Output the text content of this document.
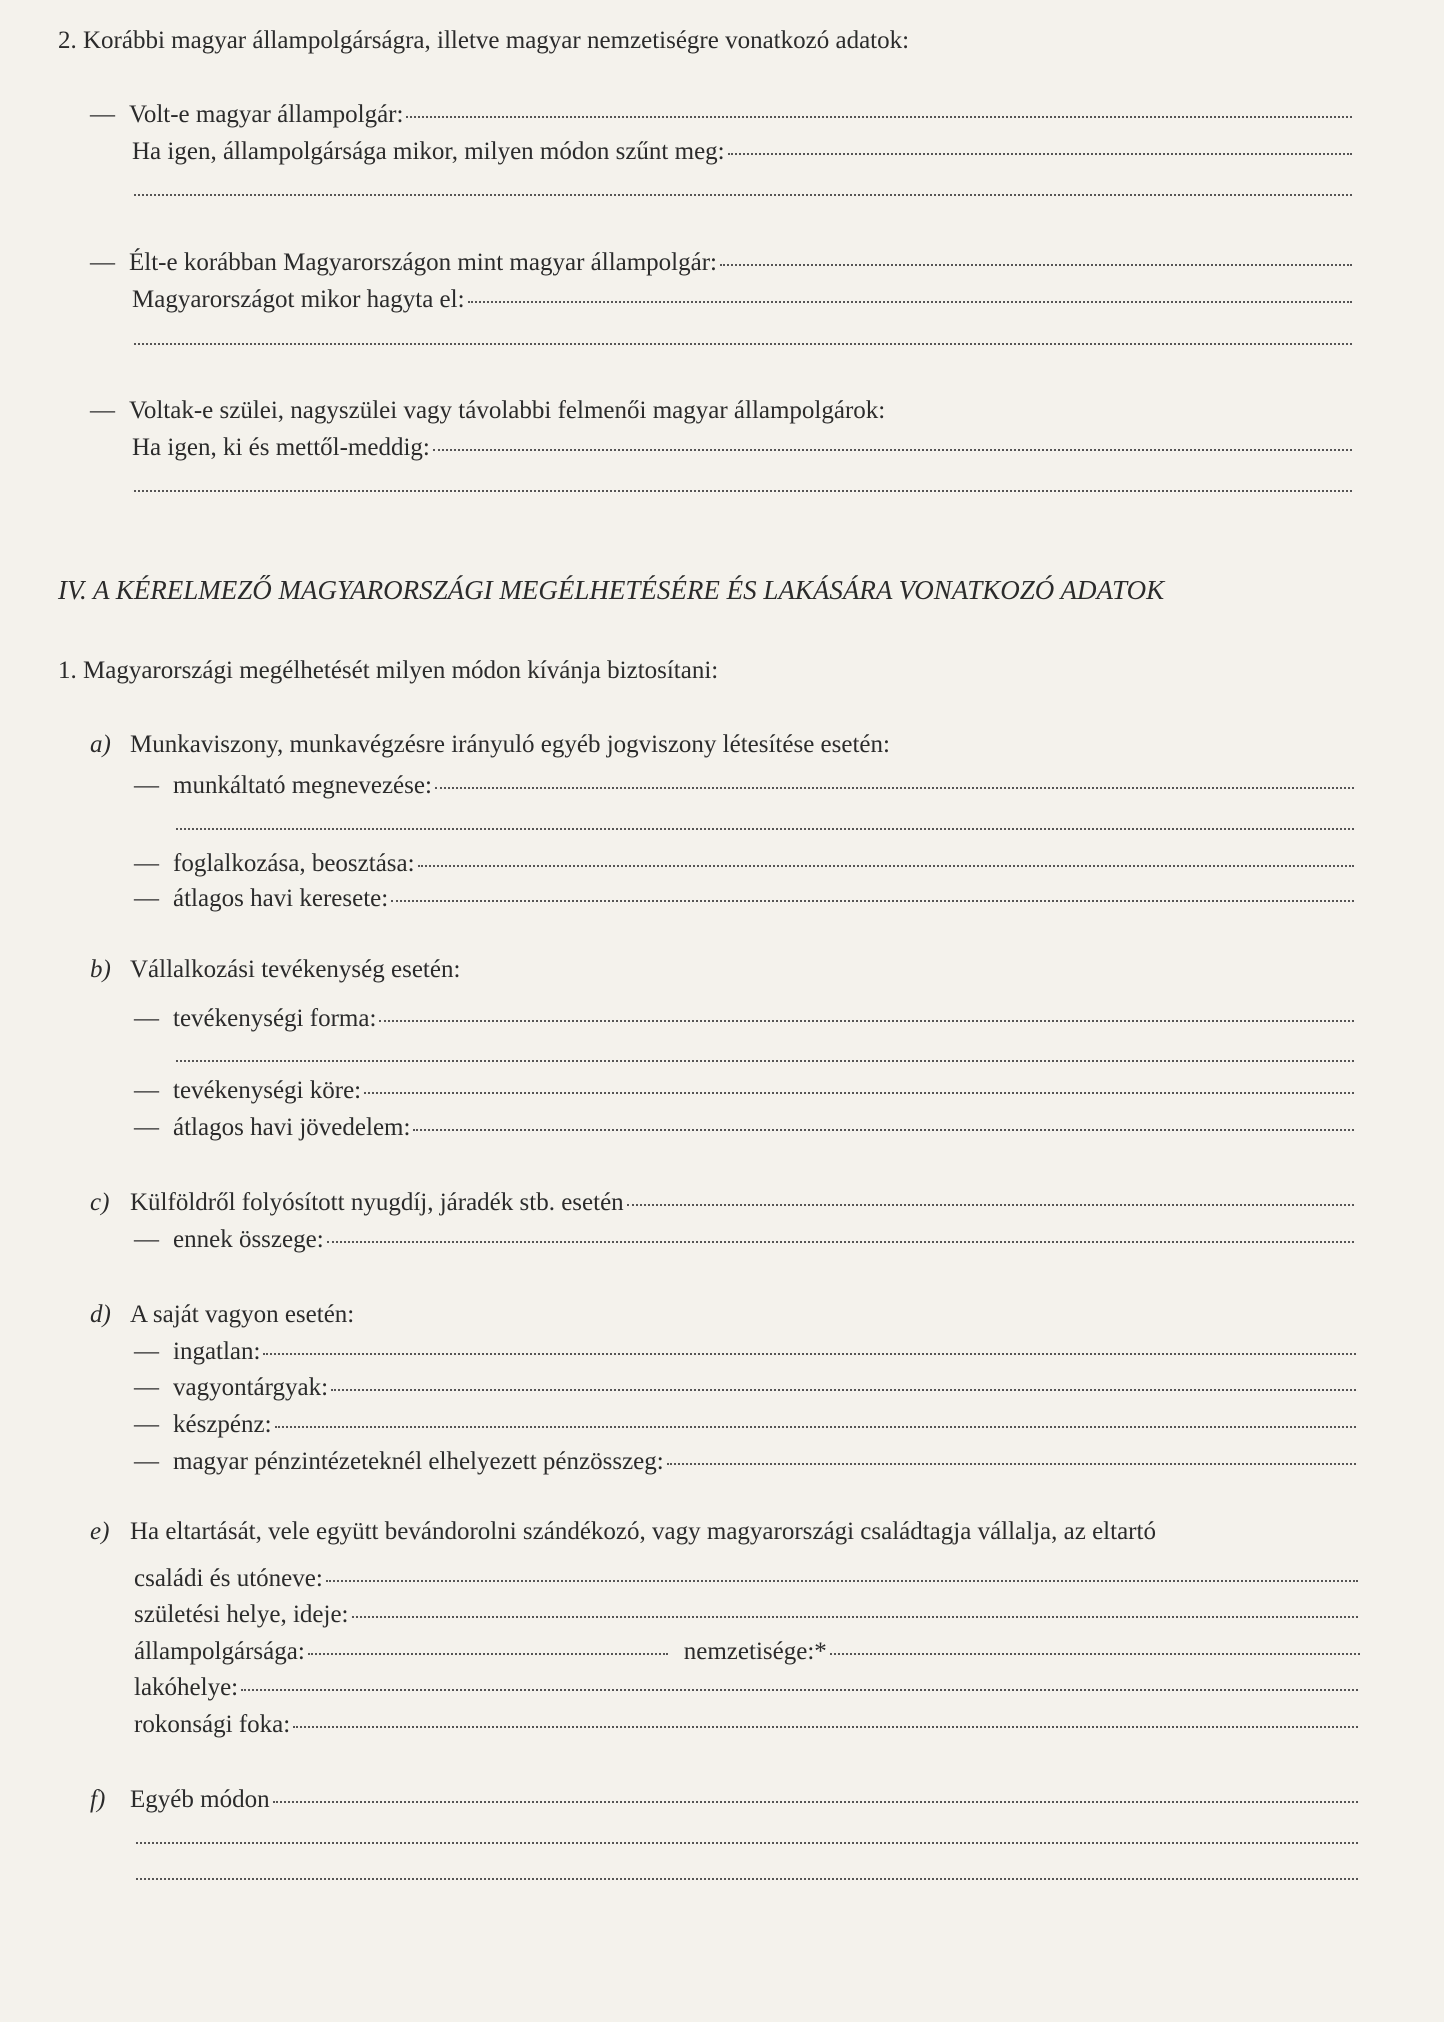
2. Korábbi magyar állampolgárságra, illetve magyar nemzetiségre vonatkozó adatok:
— Volt-e magyar állampolgár:
Ha igen, állampolgársága mikor, milyen módon szűnt meg:
— Élt-e korábban Magyarországon mint magyar állampolgár:
Magyarországot mikor hagyta el:
— Voltak-e szülei, nagyszülei vagy távolabbi felmenői magyar állampolgárok:
Ha igen, ki és mettől-meddig:
IV. A KÉRELMEZŐ MAGYARORSZÁGI MEGÉLHETÉSÉRE ÉS LAKÁSÁRA VONATKOZÓ ADATOK
1. Magyarországi megélhetését milyen módon kívánja biztosítani:
a) Munkaviszony, munkavégzésre irányuló egyéb jogviszony létesítése esetén:
— munkáltató megnevezése:
— foglalkozása, beosztása:
— átlagos havi keresete:
b) Vállalkozási tevékenység esetén:
— tevékenységi forma:
— tevékenységi köre:
— átlagos havi jövedelem:
c) Külföldről folyósított nyugdíj, járadék stb. esetén
— ennek összege:
d) A saját vagyon esetén:
— ingatlan:
— vagyontárgyak:
— készpénz:
— magyar pénzintézeteknél elhelyezett pénzösszeg:
e) Ha eltartását, vele együtt bevándorolni szándékozó, vagy magyarországi családtagja vállalja, az eltartó
családi és utóneve:
születési helye, ideje:
állampolgársága:	nemzetisége:*
lakóhelye:
rokonsági foka:
f) Egyéb módon
